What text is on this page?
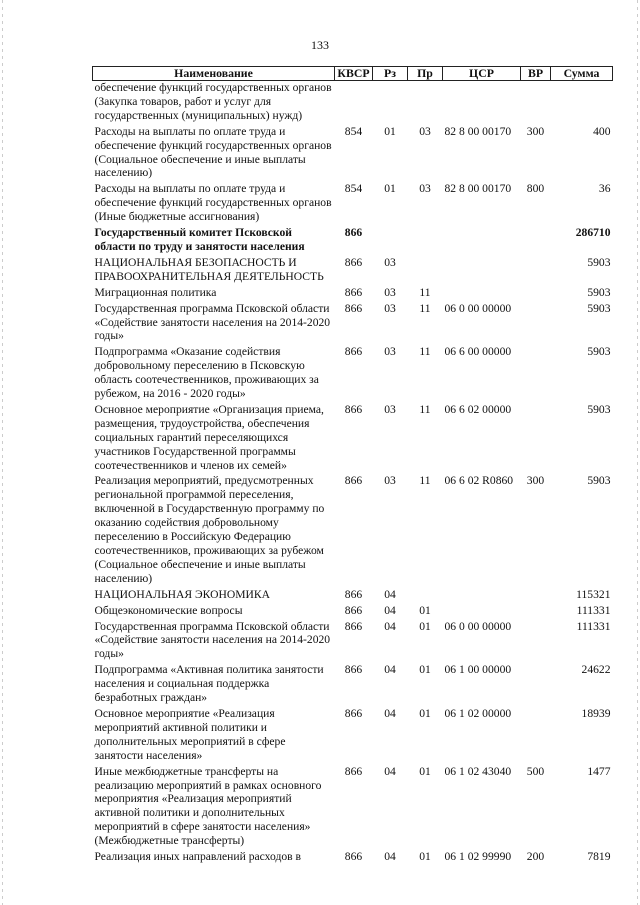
133
Наименование	КВСР	Рз	Пр	ЦСР	ВР	Сумма
обеспечение функций государственных органов (Закупка товаров, работ и услуг для государственных (муниципальных) нужд)						
Расходы на выплаты по оплате труда и обеспечение функций государственных органов (Социальное обеспечение и иные выплаты населению)	854	01	03	82 8 00 00170	300	400
Расходы на выплаты по оплате труда и обеспечение функций государственных органов (Иные бюджетные ассигнования)	854	01	03	82 8 00 00170	800	36
Государственный комитет Псковской области по труду и занятости населения	866					286710
НАЦИОНАЛЬНАЯ БЕЗОПАСНОСТЬ И ПРАВООХРАНИТЕЛЬНАЯ ДЕЯТЕЛЬНОСТЬ	866	03				5903
Миграционная политика	866	03	11			5903
Государственная программа Псковской области «Содействие занятости населения на 2014-2020 годы»	866	03	11	06 0 00 00000		5903
Подпрограмма «Оказание содействия добровольному переселению в Псковскую область соотечественников, проживающих за рубежом, на 2016 - 2020 годы»	866	03	11	06 6 00 00000		5903
Основное мероприятие «Организация приема, размещения, трудоустройства, обеспечения социальных гарантий переселяющихся участников Государственной программы соотечественников и членов их семей»	866	03	11	06 6 02 00000		5903
Реализация мероприятий, предусмотренных региональной программой переселения, включенной в Государственную программу по оказанию содействия добровольному переселению в Российскую Федерацию соотечественников, проживающих за рубежом (Социальное обеспечение и иные выплаты населению)	866	03	11	06 6 02 R0860	300	5903
НАЦИОНАЛЬНАЯ ЭКОНОМИКА	866	04				115321
Общеэкономические вопросы	866	04	01			111331
Государственная программа Псковской области «Содействие занятости населения на 2014-2020 годы»	866	04	01	06 0 00 00000		111331
Подпрограмма «Активная политика занятости населения и социальная поддержка безработных граждан»	866	04	01	06 1 00 00000		24622
Основное мероприятие «Реализация мероприятий активной политики и дополнительных мероприятий в сфере занятости населения»	866	04	01	06 1 02 00000		18939
Иные межбюджетные трансферты на реализацию мероприятий в рамках основного мероприятия «Реализация мероприятий активной политики и дополнительных мероприятий в сфере занятости населения» (Межбюджетные трансферты)	866	04	01	06 1 02 43040	500	1477
Реализация иных направлений расходов в	866	04	01	06 1 02 99990	200	7819
